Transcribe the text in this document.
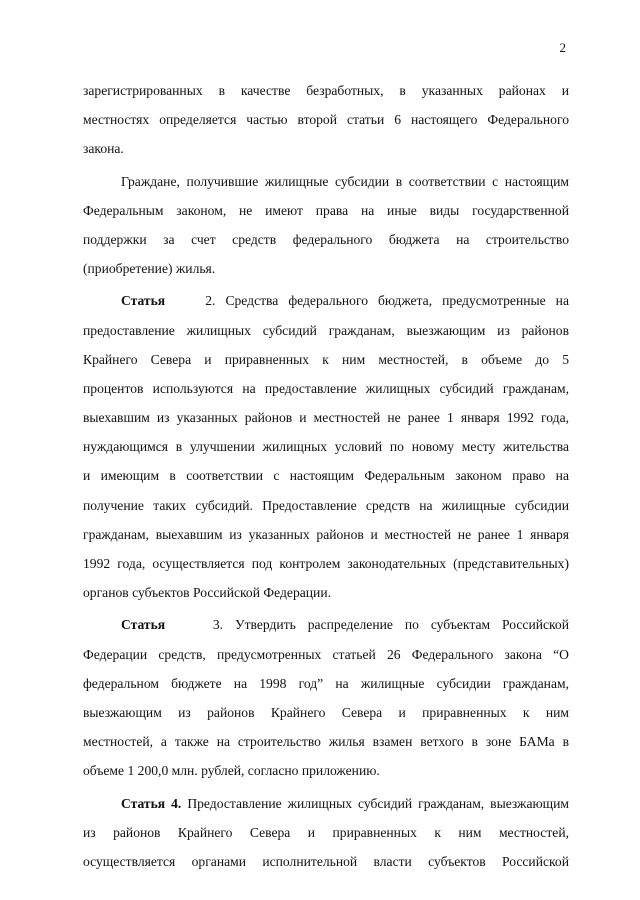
2
зарегистрированных в качестве безработных, в указанных районах и
местностях определяется частью второй статьи 6 настоящего Федерального
закона.
Граждане, получившие жилищные субсидии в соответствии с настоящим
Федеральным законом, не имеют права на иные виды государственной
поддержки за счет средств федерального бюджета на строительство
(приобретение) жилья.
Статья	2. Средства федерального бюджета, предусмотренные на
предоставление жилищных субсидий гражданам, выезжающим из районов
Крайнего Севера и приравненных к ним местностей, в объеме до 5
процентов используются на предоставление жилищных субсидий гражданам,
выехавшим из указанных районов и местностей не ранее 1 января 1992 года,
нуждающимся в улучшении жилищных условий по новому месту жительства
и имеющим в соответствии с настоящим Федеральным законом право на
получение таких субсидий. Предоставление средств на жилищные субсидии
гражданам, выехавшим из указанных районов и местностей не ранее 1 января
1992 года, осуществляется под контролем законодательных (представительных)
органов субъектов Российской Федерации.
Статья	3. Утвердить распределение по субъектам Российской
Федерации средств, предусмотренных статьей 26 Федерального закона “О
федеральном бюджете на 1998 год” на жилищные субсидии гражданам,
выезжающим из районов Крайнего Севера и приравненных к ним
местностей, а также на строительство жилья взамен ветхого в зоне БАМа в
объеме 1 200,0 млн. рублей, согласно приложению.
Статья 4. Предоставление жилищных субсидий гражданам, выезжающим
из районов Крайнего Севера и приравненных к ним местностей,
осуществляется органами исполнительной власти субъектов Российской
